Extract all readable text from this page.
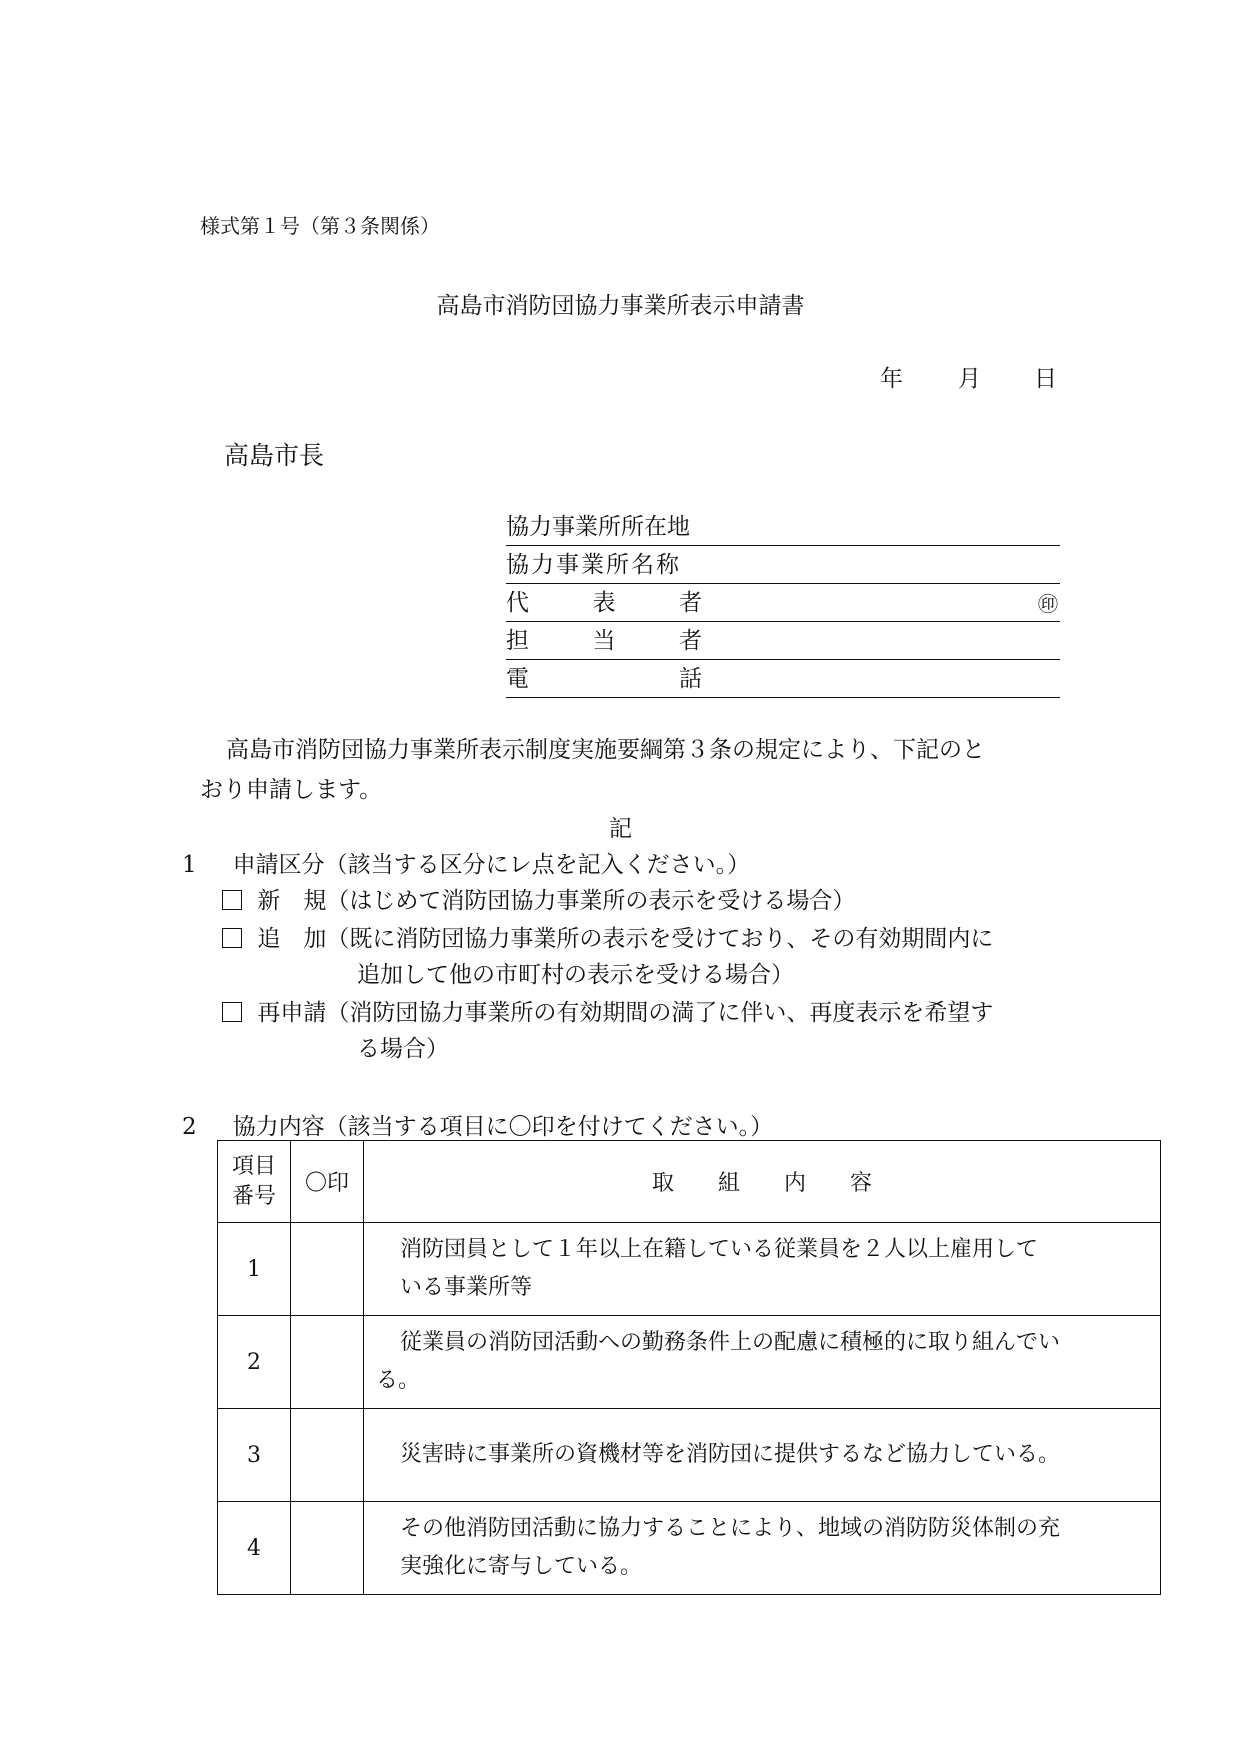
様式第１号（第３条関係）
高島市消防団協力事業所表示申請書
年 月 日
高島市長
協力事業所所在地
協力事業所名称
代	表	者	㊞
担	当	者
電	話
高島市消防団協力事業所表示制度実施要綱第３条の規定により、下記のと
おり申請します。
記
1 申請区分（該当する区分にレ点を記入ください。）
新　規（はじめて消防団協力事業所の表示を受ける場合）
追　加（既に消防団協力事業所の表示を受けており、その有効期間内に
追加して他の市町村の表示を受ける場合）
再申請（消防団協力事業所の有効期間の満了に伴い、再度表示を希望す
る場合）
2 協力内容（該当する項目に〇印を付けてください。）
項目
番号	〇印	取　　組　　内　　容
1		消防団員として１年以上在籍している従業員を２人以上雇用して
いる事業所等

2		従業員の消防団活動への勤務条件上の配慮に積極的に取り組んでい
る。

3		災害時に事業所の資機材等を消防団に提供するなど協力している。

4		その他消防団活動に協力することにより、地域の消防防災体制の充
実強化に寄与している。
